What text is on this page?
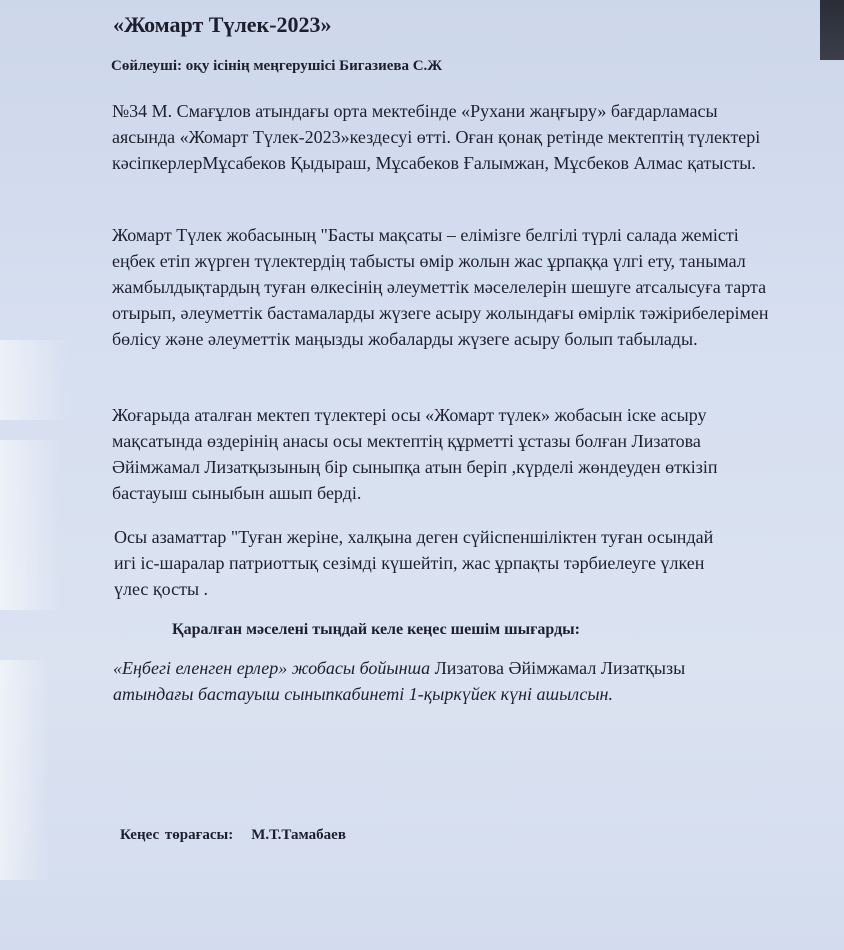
«Жомарт Түлек-2023»
Сөйлеуші: оқу ісінің меңгерушісі Бигазиева С.Ж

№34 М. Смағұлов атындағы орта мектебінде «Рухани жаңғыру» бағдарламасы аясында «Жомарт Түлек-2023»кездесуі өтті. Оған қонақ ретінде мектептің түлектері кәсіпкерлерМұсабеков Қыдыраш, Мұсабеков Ғалымжан, Мұсбеков Алмас қатысты.

Жомарт Түлек жобасының "Басты мақсаты – елімізге белгілі түрлі салада жемісті еңбек етіп жүрген түлектердің табысты өмір жолын жас ұрпаққа үлгі ету, танымал жамбылдықтардың туған өлкесінің әлеуметтік мәселелерін шешуге атсалысуға тарта отырып, әлеуметтік бастамаларды жүзеге асыру жолындағы өмірлік тәжірибелерімен бөлісу және әлеуметтік маңызды жобаларды жүзеге асыру болып табылады.

Жоғарыда аталған мектеп түлектері осы «Жомарт түлек» жобасын іске асыру мақсатында өздерінің анасы осы мектептің құрметті ұстазы болған Лизатова Әйімжамал Лизатқызының бір сыныпқа атын беріп ,күрделі жөндеуден өткізіп бастауыш сыныбын ашып берді.

Осы азаматтар "Туған жеріне, халқына деген сүйіспеншіліктен туған осындай игі іс-шаралар патриоттық сезімді күшейтіп, жас ұрпақты тәрбиелеуге үлкен үлес қосты .

Қаралған мәселені тыңдай келе кеңес шешім шығарды:

«Еңбегі еленген ерлер» жобасы бойынша Лизатова Әйімжамал Лизатқызы атындағы бастауыш сыныпкабинеті 1-қыркүйек күні ашылсын.

Кеңес төрағасы: М.Т.Тамабаев
